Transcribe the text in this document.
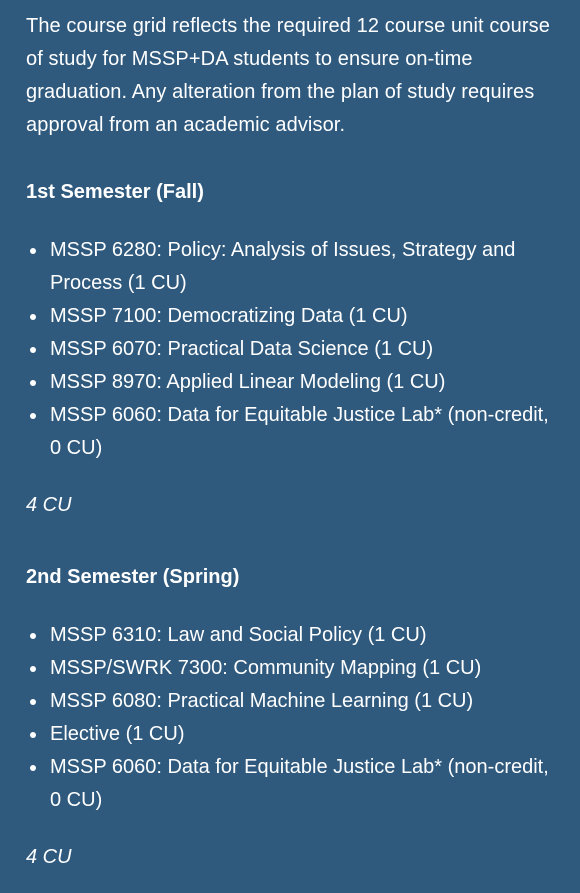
The course grid reflects the required 12 course unit course of study for MSSP+DA students to ensure on-time graduation. Any alteration from the plan of study requires approval from an academic advisor.

1st Semester (Fall)
MSSP 6280: Policy: Analysis of Issues, Strategy and Process (1 CU)
MSSP 7100: Democratizing Data (1 CU)
MSSP 6070: Practical Data Science (1 CU)
MSSP 8970: Applied Linear Modeling (1 CU)
MSSP 6060: Data for Equitable Justice Lab* (non-credit, 0 CU)
4 CU
2nd Semester (Spring)
MSSP 6310: Law and Social Policy (1 CU)
MSSP/SWRK 7300: Community Mapping (1 CU)
MSSP 6080: Practical Machine Learning (1 CU)
Elective (1 CU)
MSSP 6060: Data for Equitable Justice Lab* (non-credit, 0 CU)
4 CU
